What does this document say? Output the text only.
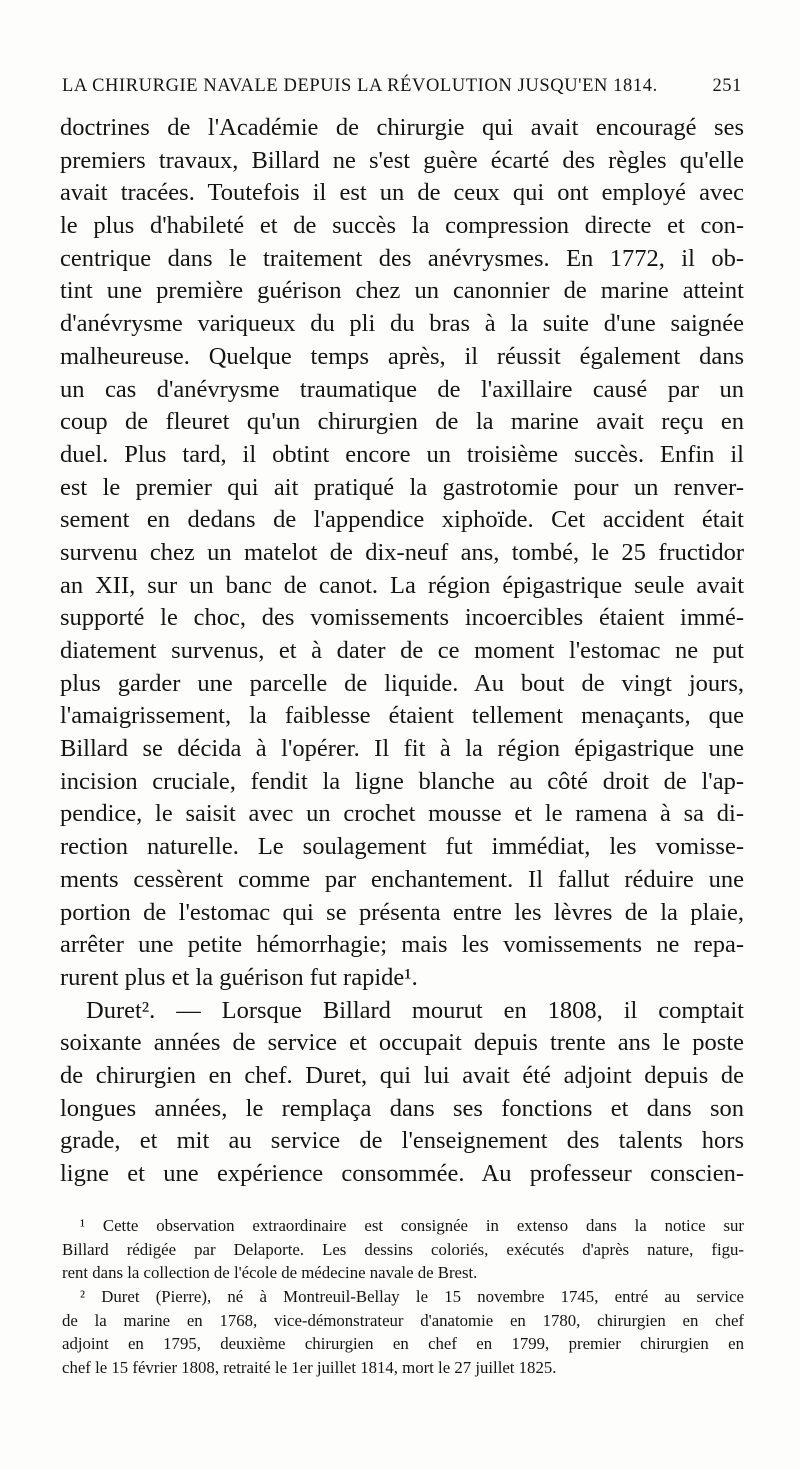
LA CHIRURGIE NAVALE DEPUIS LA RÉVOLUTION JUSQU'EN 1814.	251
doctrines de l'Académie de chirurgie qui avait encouragé ses
premiers travaux, Billard ne s'est guère écarté des règles qu'elle
avait tracées. Toutefois il est un de ceux qui ont employé avec
le plus d'habileté et de succès la compression directe et con-
centrique dans le traitement des anévrysmes. En 1772, il ob-
tint une première guérison chez un canonnier de marine atteint
d'anévrysme variqueux du pli du bras à la suite d'une saignée
malheureuse. Quelque temps après, il réussit également dans
un cas d'anévrysme traumatique de l'axillaire causé par un
coup de fleuret qu'un chirurgien de la marine avait reçu en
duel. Plus tard, il obtint encore un troisième succès. Enfin il
est le premier qui ait pratiqué la gastrotomie pour un renver-
sement en dedans de l'appendice xiphoïde. Cet accident était
survenu chez un matelot de dix-neuf ans, tombé, le 25 fructidor
an XII, sur un banc de canot. La région épigastrique seule avait
supporté le choc, des vomissements incoercibles étaient immé-
diatement survenus, et à dater de ce moment l'estomac ne put
plus garder une parcelle de liquide. Au bout de vingt jours,
l'amaigrissement, la faiblesse étaient tellement menaçants, que
Billard se décida à l'opérer. Il fit à la région épigastrique une
incision cruciale, fendit la ligne blanche au côté droit de l'ap-
pendice, le saisit avec un crochet mousse et le ramena à sa di-
rection naturelle. Le soulagement fut immédiat, les vomisse-
ments cessèrent comme par enchantement. Il fallut réduire une
portion de l'estomac qui se présenta entre les lèvres de la plaie,
arrêter une petite hémorrhagie; mais les vomissements ne repa-
rurent plus et la guérison fut rapide¹.
Duret². — Lorsque Billard mourut en 1808, il comptait
soixante années de service et occupait depuis trente ans le poste
de chirurgien en chef. Duret, qui lui avait été adjoint depuis de
longues années, le remplaça dans ses fonctions et dans son
grade, et mit au service de l'enseignement des talents hors
ligne et une expérience consommée. Au professeur conscien-
¹ Cette observation extraordinaire est consignée in extenso dans la notice sur
Billard rédigée par Delaporte. Les dessins coloriés, exécutés d'après nature, figu-
rent dans la collection de l'école de médecine navale de Brest.
² Duret (Pierre), né à Montreuil-Bellay le 15 novembre 1745, entré au service
de la marine en 1768, vice-démonstrateur d'anatomie en 1780, chirurgien en chef
adjoint en 1795, deuxième chirurgien en chef en 1799, premier chirurgien en
chef le 15 février 1808, retraité le 1er juillet 1814, mort le 27 juillet 1825.
